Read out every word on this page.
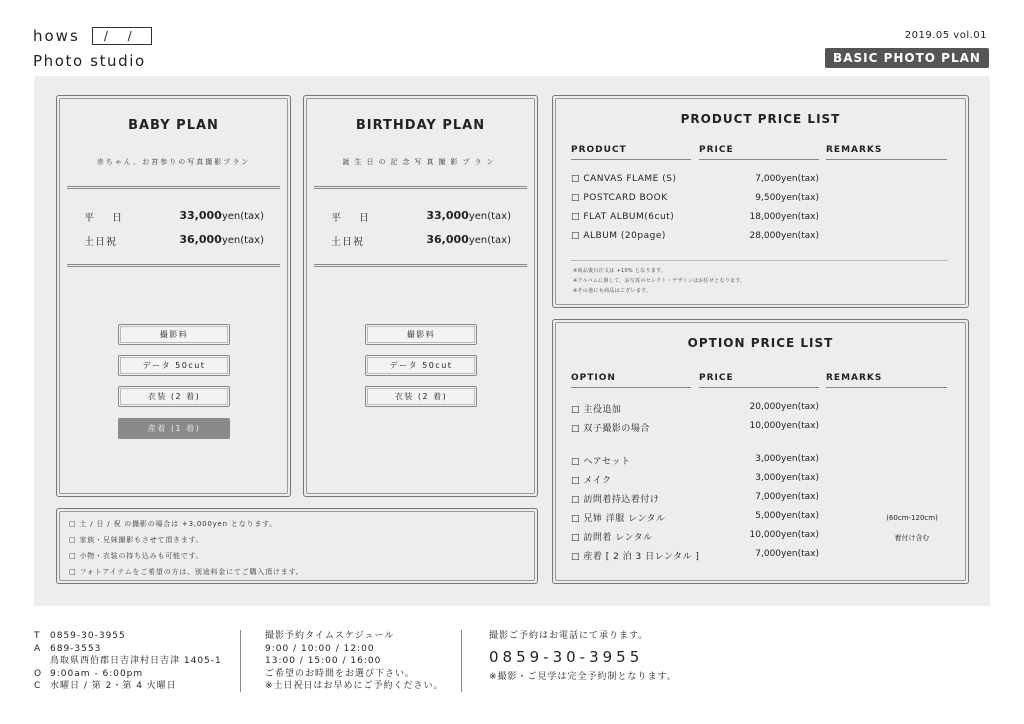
hows	/ /
Photo studio
2019.05 vol.01
BASIC PHOTO PLAN
BABY PLAN
赤ちゃん、お宮参りの写真撮影プラン
平　日	33,000yen(tax)
土日祝	36,000yen(tax)
撮影料
データ 50cut
衣装 (2 着)
産着 (1 着)
BIRTHDAY PLAN
誕生日の記念写真撮影プラン
平　日	33,000yen(tax)
土日祝	36,000yen(tax)
撮影料
データ 50cut
衣装 (2 着)
□ 土 / 日 / 祝 の撮影の場合は +3,000yen となります。
□ 家族・兄妹撮影もさせて頂きます。
□ 小物・衣装の持ち込みも可能です。
□ フォトアイテムをご希望の方は、別途料金にてご購入頂けます。
PRODUCT PRICE LIST
PRODUCT	PRICE	REMARKS
□ CANVAS FLAME (S)	7,000yen(tax)
□ POSTCARD BOOK	9,500yen(tax)
□ FLAT ALBUM(6cut)	18,000yen(tax)
□ ALBUM (20page)	28,000yen(tax)
※商品後日注文は +10% となります。
※アルバムに関して、お写真のセレクト・デザインはお任せとなります。
※その他にも商品はございます。
OPTION PRICE LIST
OPTION	PRICE	REMARKS
□ 主役追加	20,000yen(tax)
□ 双子撮影の場合	10,000yen(tax)
□ ヘアセット	3,000yen(tax)
□ メイク	3,000yen(tax)
□ 訪問着持込着付け	7,000yen(tax)
□ 兄姉 洋服 レンタル	5,000yen(tax)	(60cm-120cm)
□ 訪問着 レンタル	10,000yen(tax)	着付け含む
□ 産着 [ 2 泊 3 日レンタル ]	7,000yen(tax)
T 0859-30-3955
A 689-3553
鳥取県西伯郡日吉津村日吉津 1405-1
O 9:00am - 6:00pm
C 水曜日 / 第 2・第 4 火曜日
撮影予約タイムスケジュール
9:00 / 10:00 / 12:00
13:00 / 15:00 / 16:00
ご希望のお時間をお選び下さい。
※土日祝日はお早めにご予約ください。
撮影ご予約はお電話にて承ります。
0859-30-3955
※撮影・ご見学は完全予約制となります。
